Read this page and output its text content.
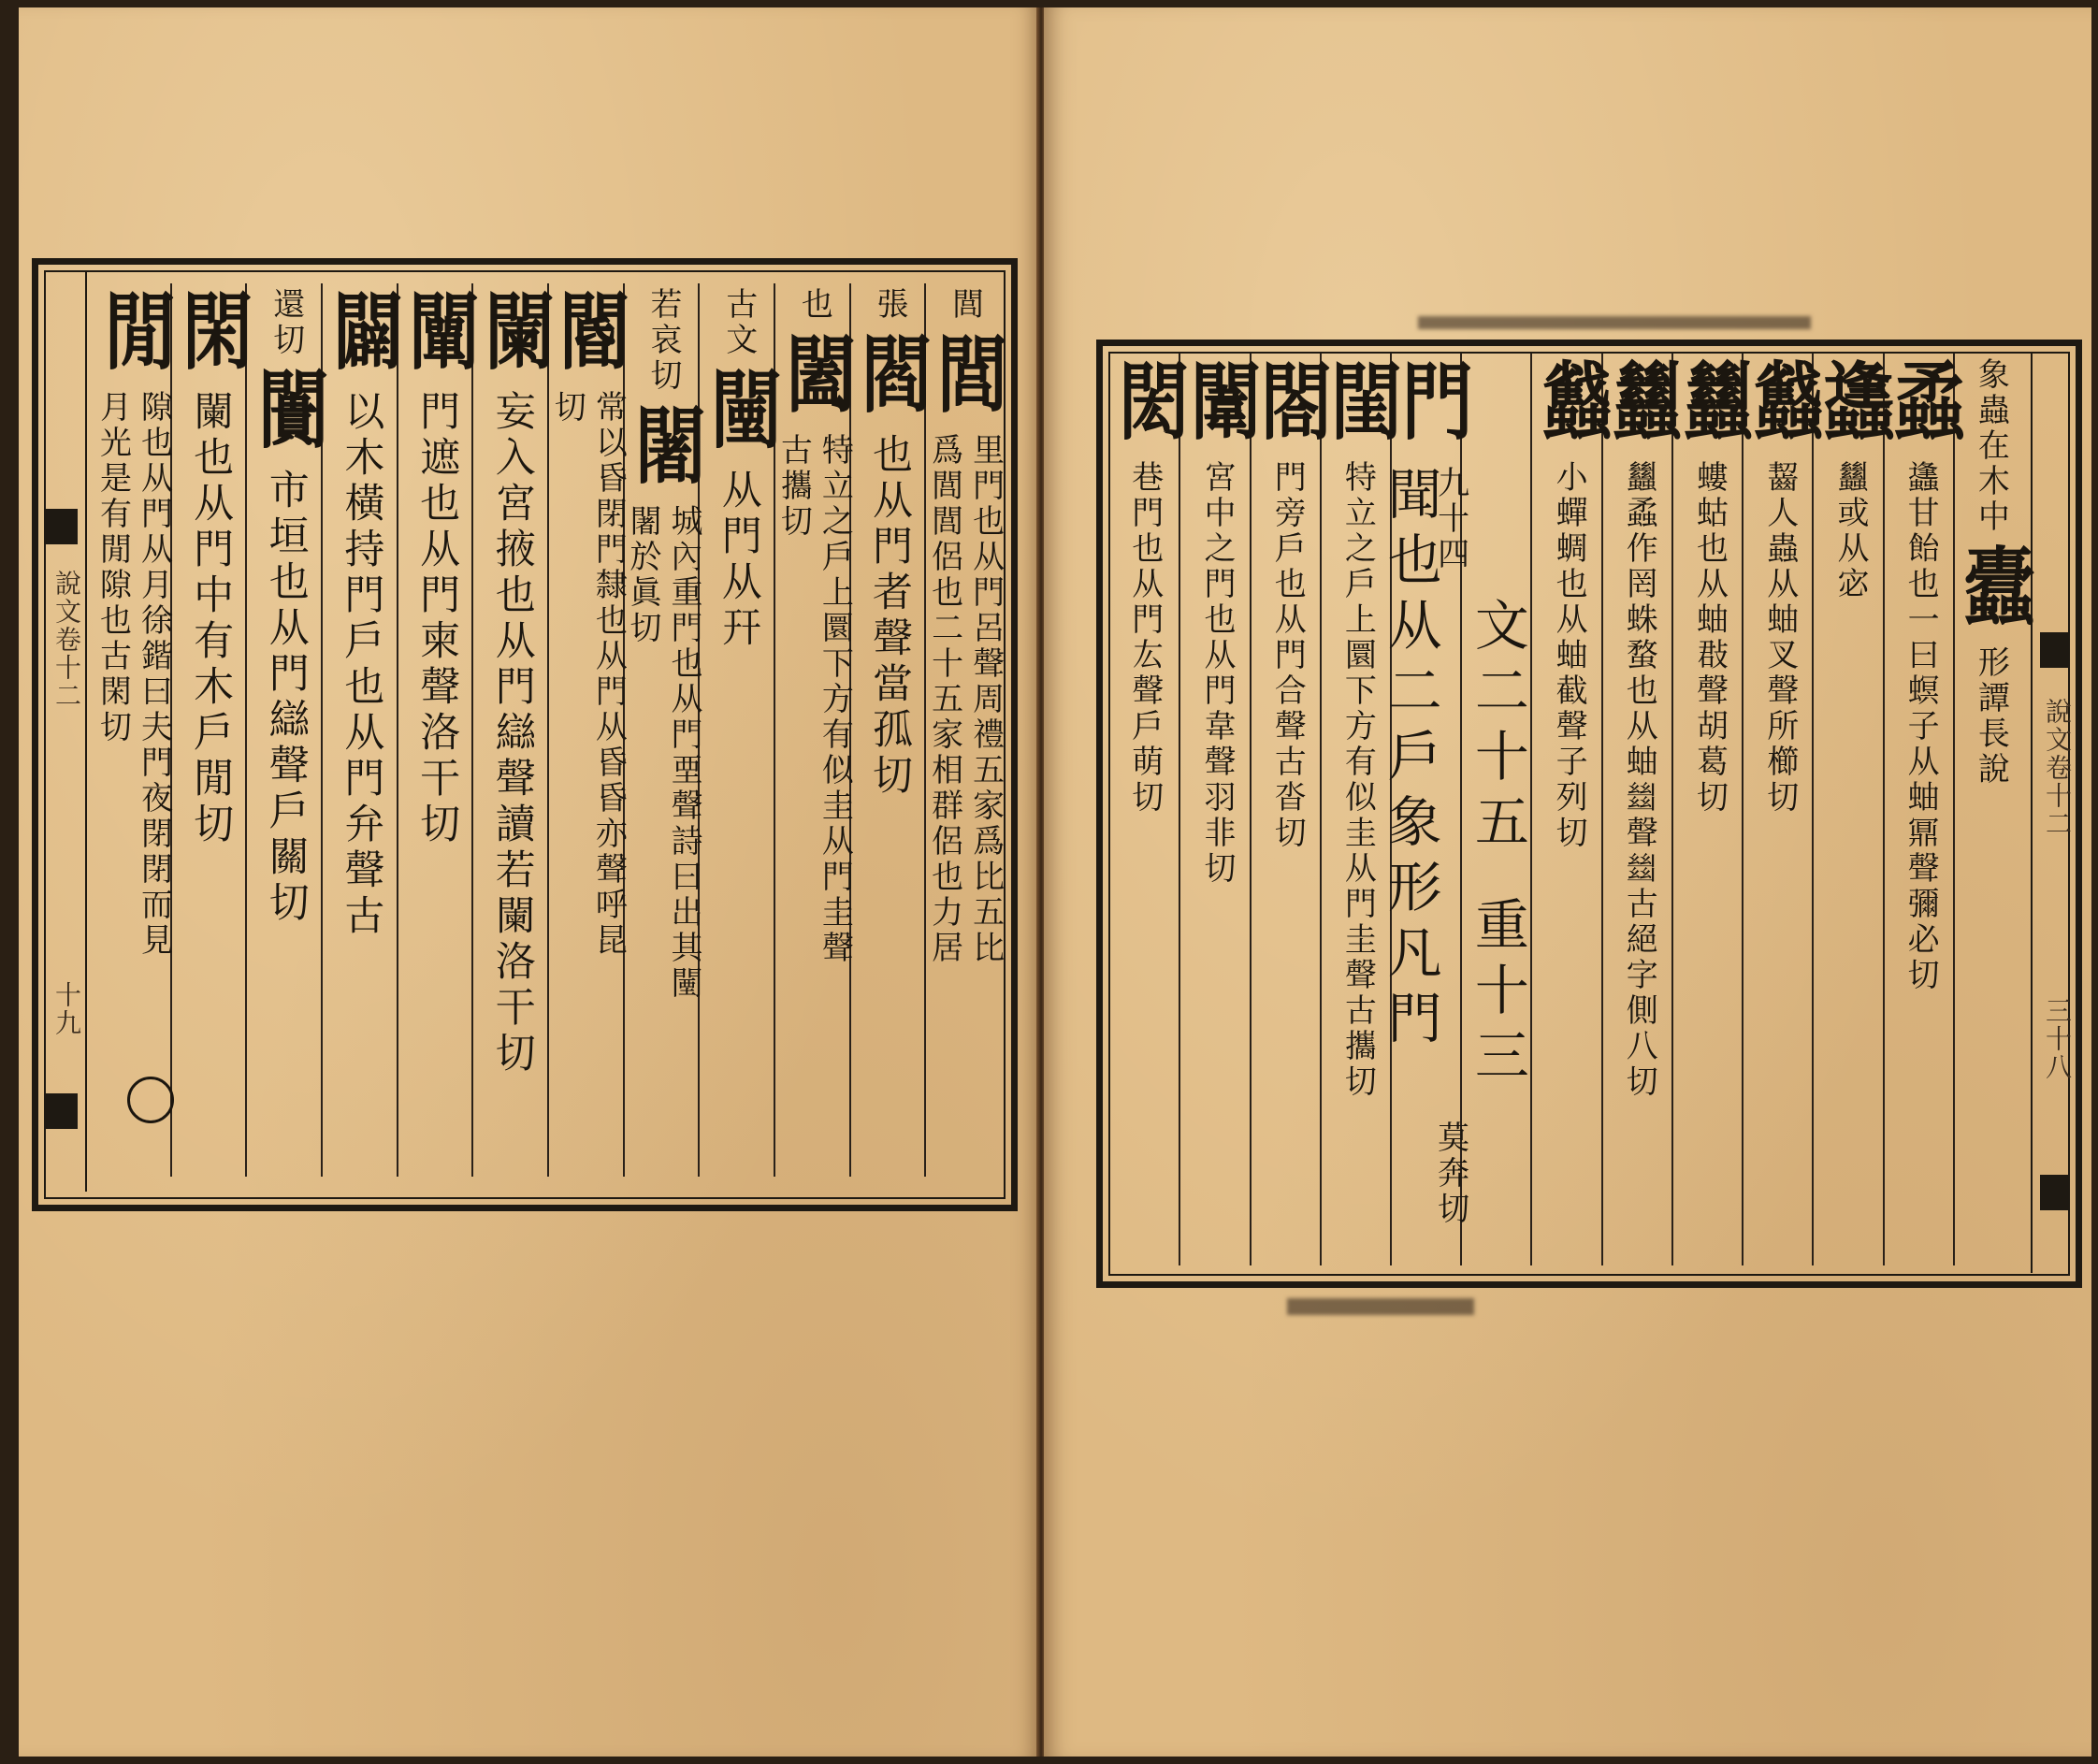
說文卷十二
十九
閭
閭
里門也从門呂聲周禮五家爲比五比
爲閭閭侶也二十五家相群侶也力居
張
閻
也从門者聲當孤切
也
闔
特立之戶上圜下方有似圭从門圭聲
古攜切
古文
闉
从門从幵
若哀切
闍
城內重門也从門垔聲詩曰出其闉
闍於眞切
閽
常以昏閉門隸也从門从昏昏亦聲呼昆
切
闌
妄入宮掖也从門䜌聲讀若闌洛干切
闡
門遮也从門柬聲洛干切
闢
以木橫持門戶也从門弁聲古
還切
闠
市垣也从門䜌聲戶關切
閑
闌也从門中有木戶閒切
閒
隙也从門从月徐鍇曰夫門夜閉閉而見
月光是有閒隙也古閑切
說文卷十二
三十八
象蟲在木中
蠹
形譚長說
蟊
蠭甘飴也一曰螟子从蚰鼏聲彌必切
蠭
蠿或从宓
蠽
齧人蟲从蚰叉聲所櫛切
蠿
螻蛄也从蚰㪊聲胡葛切
蠿
蠿蟊作罔蛛蝥也从蚰𢇍聲𢇍古絕字側八切
蠽
小蟬蜩也从蚰截聲子列切
文二十五
重十三
門
九十四
聞也从二戶象形凡門
莫奔切
閨
特立之戶上圜下方有似圭从門圭聲古攜切
閤
門旁戶也从門合聲古沓切
闈
宮中之門也从門韋聲羽非切
閎
巷門也从門厷聲戶萌切
